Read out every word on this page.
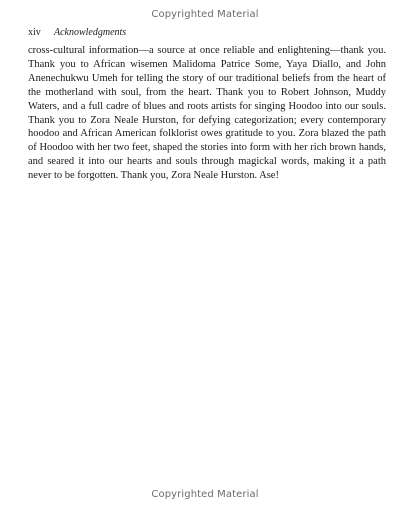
Copyrighted Material
xiv Acknowledgments

cross-cultural information—a source at once reliable and enlightening—thank you. Thank you to African wisemen Malidoma Patrice Some, Yaya Diallo, and John Anenechukwu Umeh for telling the story of our traditional beliefs from the heart of the motherland with soul, from the heart. Thank you to Robert Johnson, Muddy Waters, and a full cadre of blues and roots artists for singing Hoodoo into our souls. Thank you to Zora Neale Hurston, for defying categorization; every contemporary hoodoo and African American folklorist owes gratitude to you. Zora blazed the path of Hoodoo with her two feet, shaped the stories into form with her rich brown hands, and seared it into our hearts and souls through magickal words, making it a path never to be forgotten. Thank you, Zora Neale Hurston. Ase!

Copyrighted Material
